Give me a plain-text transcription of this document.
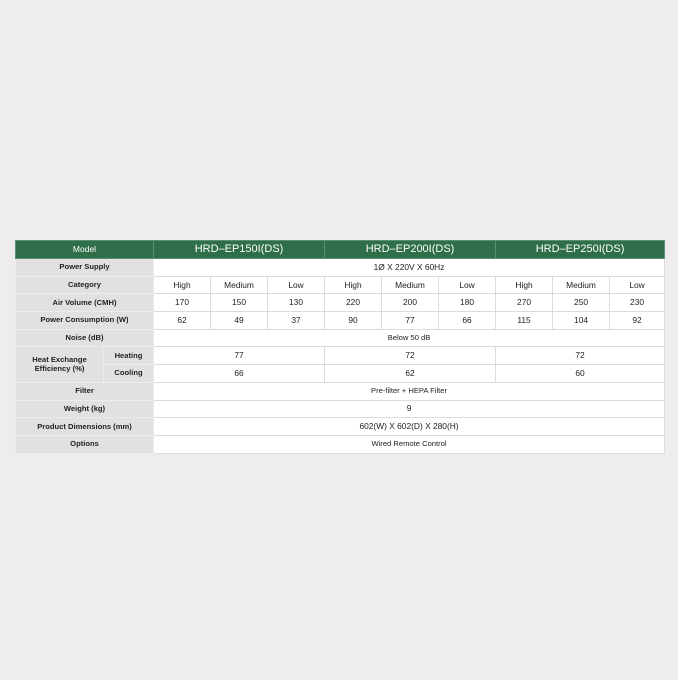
Model		HRD–EP150I(DS)			HRD–EP200I(DS)			HRD–EP250I(DS)		
Power Supply		1Ø X 220V X 60Hz								
Category		High	Medium	Low	High	Medium	Low	High	Medium	Low
Air Volume (CMH)		170	150	130	220	200	180	270	250	230
Power Consumption (W)		62	49	37	90	77	66	115	104	92
Noise (dB)		Below 50 dB								
Heat Exchange Efficiency (%)	Heating	77			72			72		
	Cooling	66			62			60		
Filter		Pre-filter + HEPA Filter								
Weight (kg)		9								
Product Dimensions (mm)		602(W) X 602(D) X 280(H)								
Options		Wired Remote Control								
